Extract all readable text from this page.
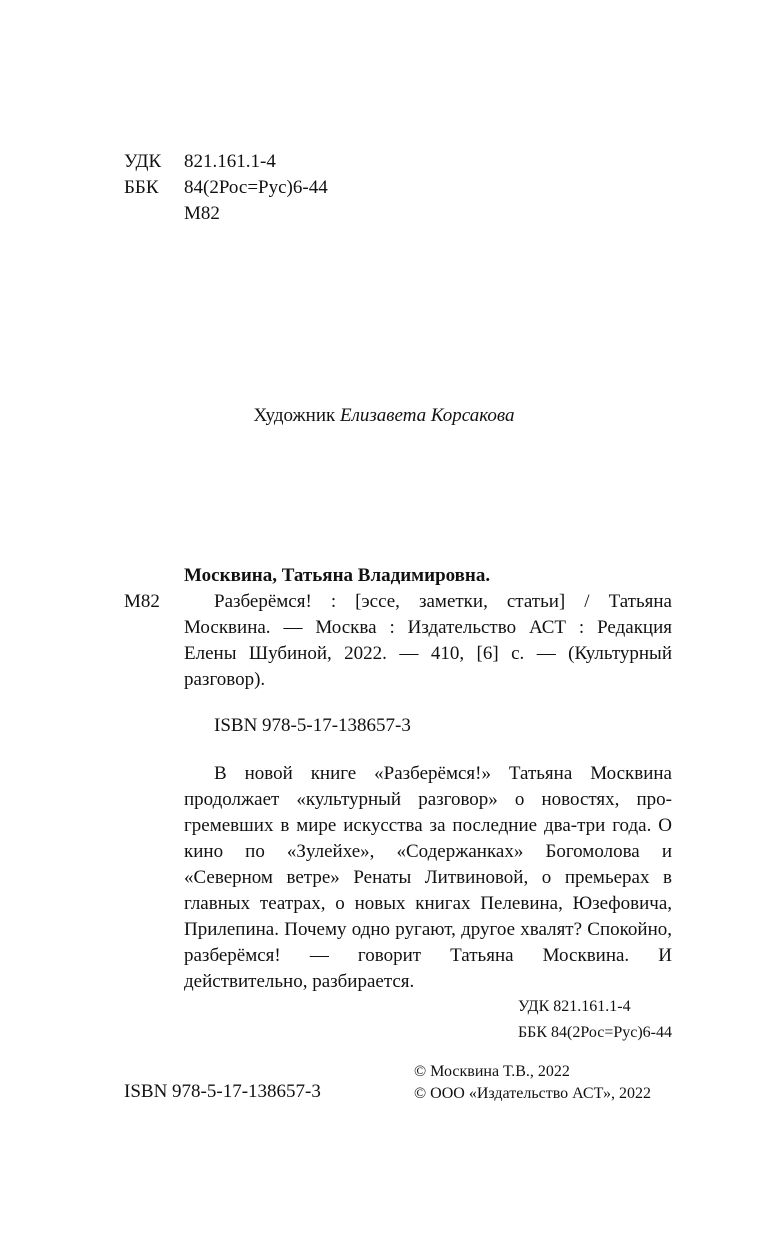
УДК	821.161.1-4
ББК	84(2Рос=Рус)6-44
М82
Художник Елизавета Корсакова
М82
Москвина, Татьяна Владимировна.
Разберёмся! : [эссе, заметки, статьи] / Татьяна Москвина. — Москва : Издательство АСТ : Редакция Елены Шубиной, 2022. — 410, [6] с. — (Культурный разговор).
ISBN 978-5-17-138657-3
В новой книге «Разберёмся!» Татьяна Москвина продолжает «культурный разговор» о новостях, прогремевших в мире искусства за последние два-три года. О кино по «Зулейхе», «Содержанках» Богомолова и «Северном ветре» Ренаты Литвиновой, о премьерах в главных театрах, о новых книгах Пелевина, Юзефовича, Прилепина. Почему одно ругают, другое хвалят? Спокойно, разберёмся! — говорит Татьяна Москвина. И действительно, разбирается.
УДК 821.161.1-4
ББК 84(2Рос=Рус)6-44
© Москвина Т.В., 2022
© ООО «Издательство АСТ», 2022
ISBN 978-5-17-138657-3
